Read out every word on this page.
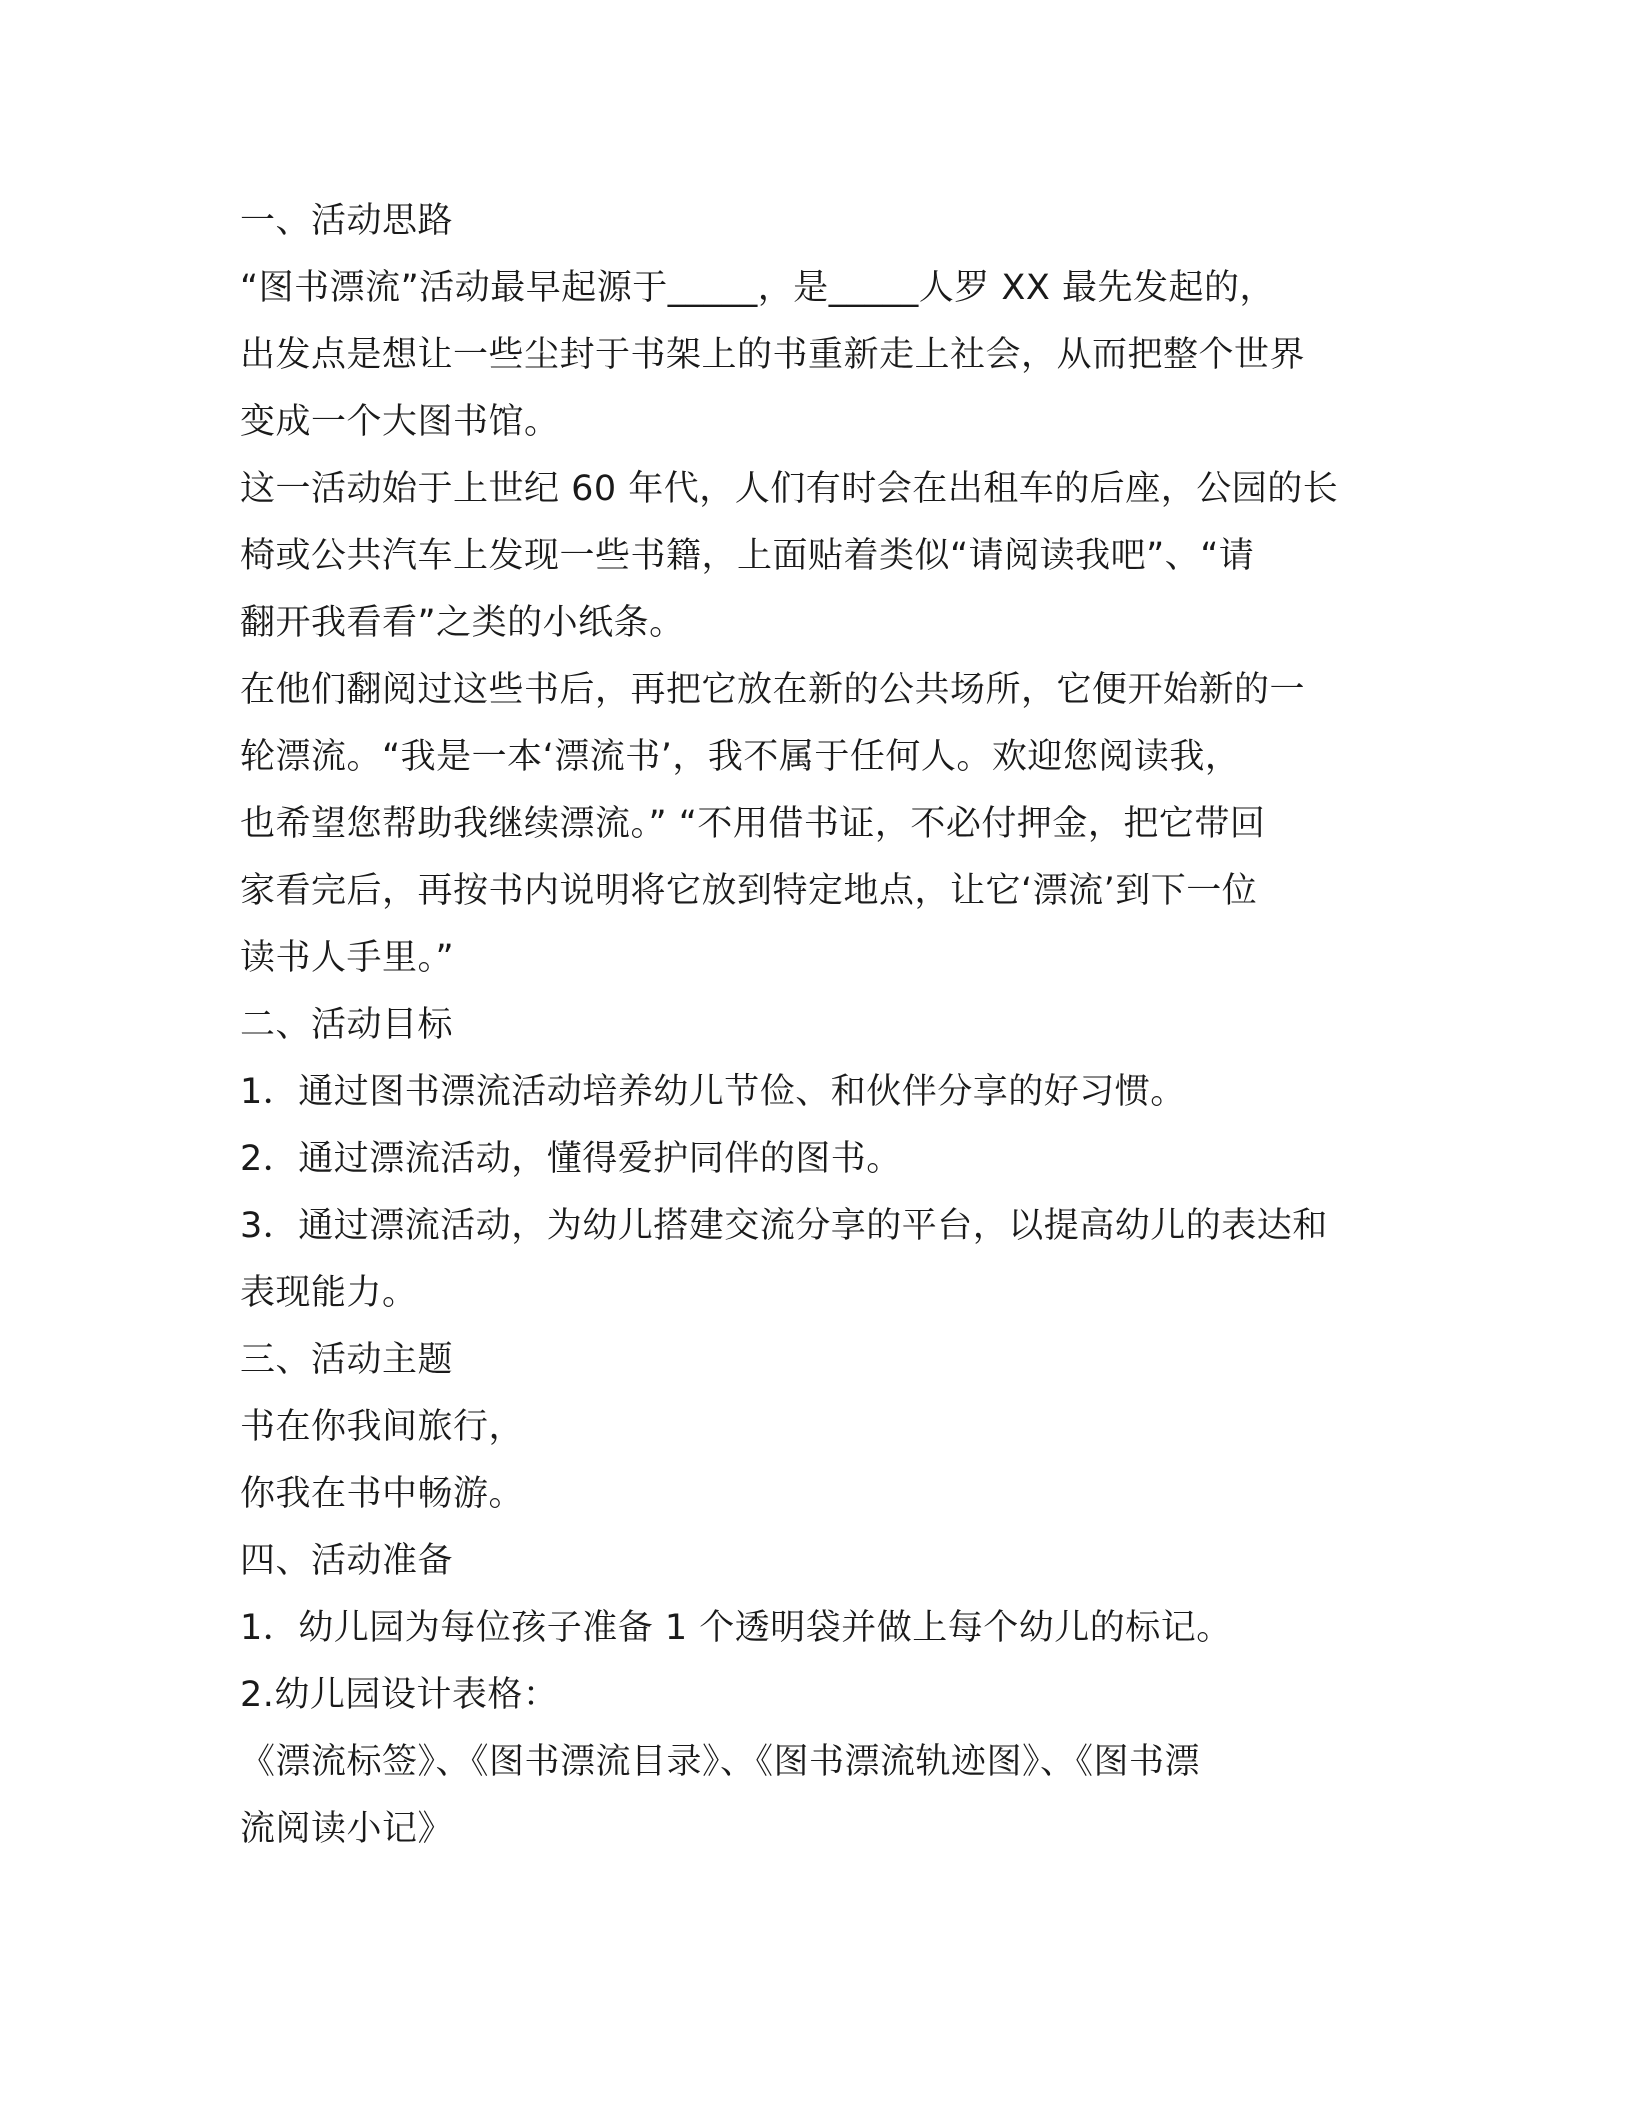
一、活动思路
“图书漂流”活动最早起源于_____，是_____人罗 XX 最先发起的，
出发点是想让一些尘封于书架上的书重新走上社会，从而把整个世界
变成一个大图书馆。
这一活动始于上世纪 60 年代，人们有时会在出租车的后座，公园的长
椅或公共汽车上发现一些书籍，上面贴着类似“请阅读我吧”、“请
翻开我看看”之类的小纸条。
在他们翻阅过这些书后，再把它放在新的公共场所，它便开始新的一
轮漂流。“我是一本‘漂流书’，我不属于任何人。欢迎您阅读我，
也希望您帮助我继续漂流。” “不用借书证，不必付押金，把它带回
家看完后，再按书内说明将它放到特定地点，让它‘漂流’到下一位
读书人手里。”
二、活动目标
1．通过图书漂流活动培养幼儿节俭、和伙伴分享的好习惯。
2．通过漂流活动，懂得爱护同伴的图书。
3．通过漂流活动，为幼儿搭建交流分享的平台，以提高幼儿的表达和
表现能力。
三、活动主题
书在你我间旅行，
你我在书中畅游。
四、活动准备
1．幼儿园为每位孩子准备 1 个透明袋并做上每个幼儿的标记。
2.幼儿园设计表格：
《漂流标签》、《图书漂流目录》、《图书漂流轨迹图》、《图书漂
流阅读小记》
